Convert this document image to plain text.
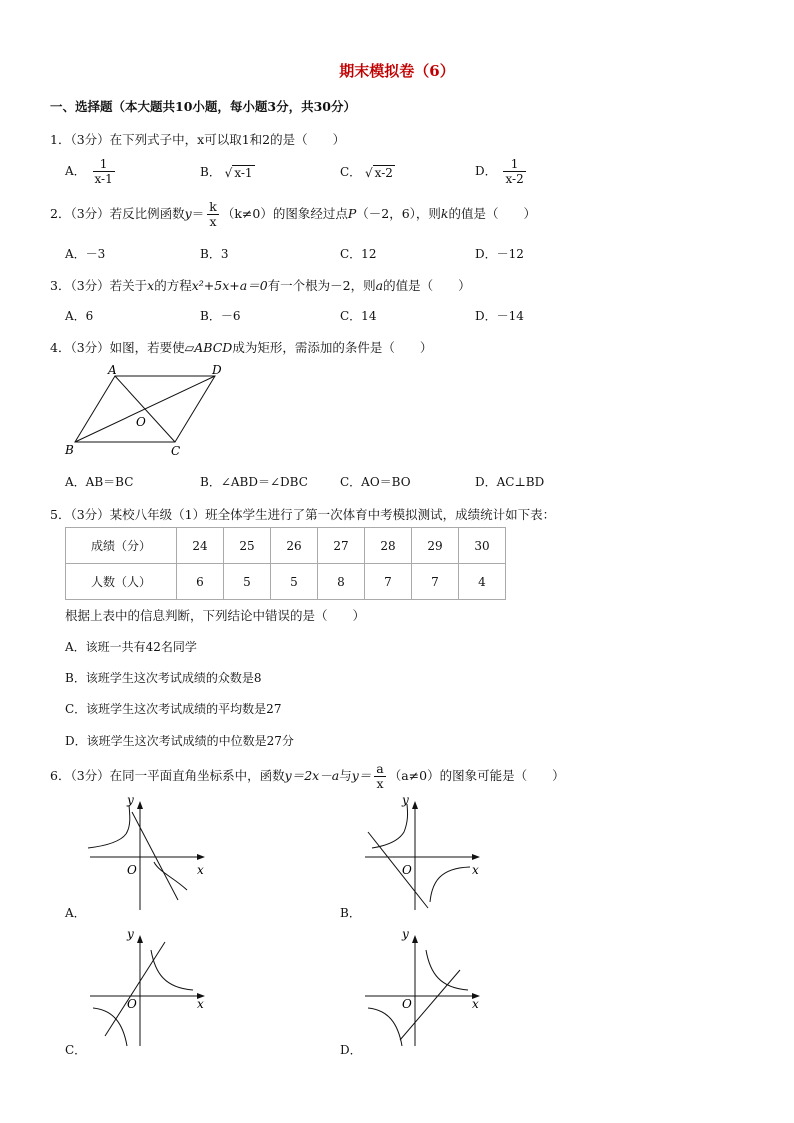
期末模拟卷（6）
一、选择题（本大题共10小题，每小题3分，共30分）
1．（3分）在下列式子中，x可以取1和2的是（　　）
A． $\frac{1}{x-1}$	B． √ x-1	C． √ x-2	D． $\frac{1}{x-2}$
2．（3分）若反比例函数$y= \frac{k}{x} (k\ne 0)$的图象经过点P（－2，6），则k的值是（　　）
A．－3	B．3	C．12	D．－12
3．（3分）若关于x的方程x²+5x+a＝0有一个根为－2，则a的值是（　　）
A．6	B．－6	C．14	D．－14
4．（3分）如图，若要使▱ABCD成为矩形，需添加的条件是（　　）
A	D
B	C
O
A．AB＝BC	B．∠ABD＝∠DBC	C．AO＝BO	D．AC⊥BD
5．（3分）某校八年级（1）班全体学生进行了第一次体育中考模拟测试，成绩统计如下表：
成绩（分）	24	25	26	27	28	29	30
人数（人）	6	5	5	8	7	7	4
根据上表中的信息判断，下列结论中错误的是（　　）
A．该班一共有42名同学
B．该班学生这次考试成绩的众数是8
C．该班学生这次考试成绩的平均数是27
D．该班学生这次考试成绩的中位数是27分
6．（3分）在同一平面直角坐标系中，函数y＝2x－a与$y= \frac{a}{x} (a\ne 0)$的图象可能是（　　）
x
y
O
A．
x
y
O
B．
x
y
O
C．
x
y
O
D．
